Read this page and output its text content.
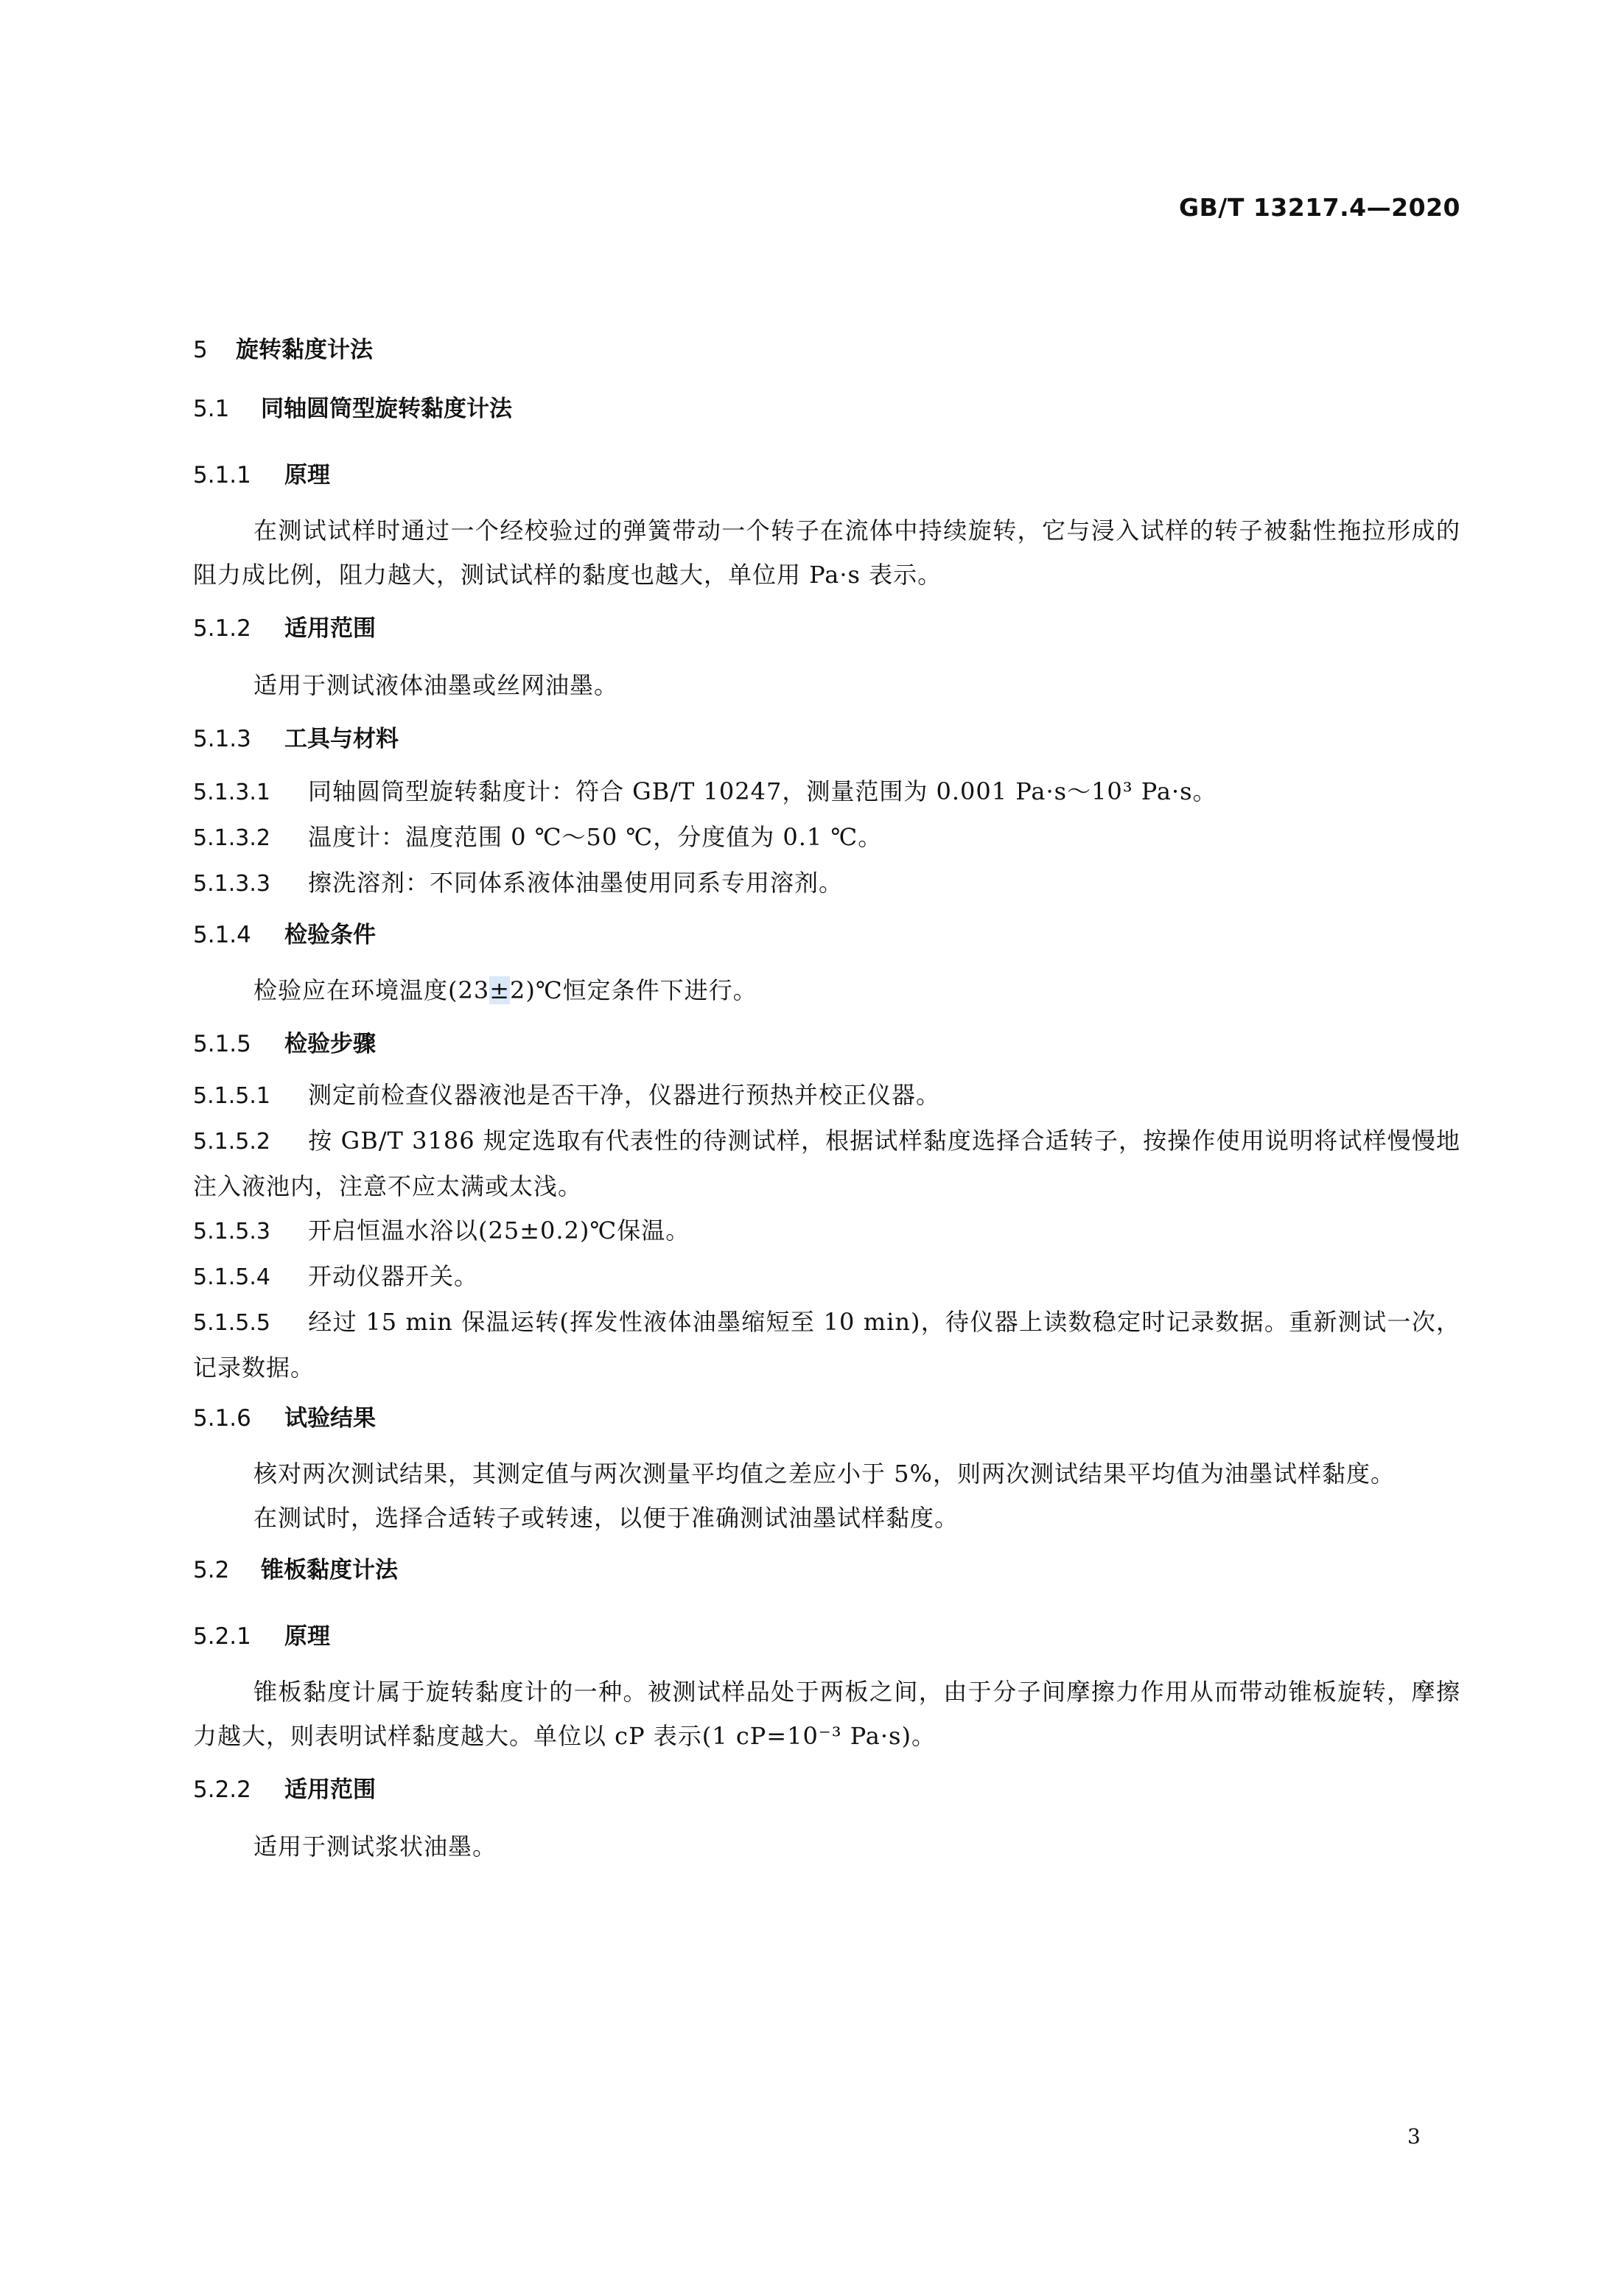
GB/T 13217.4—2020

5 旋转黏度计法
5.1 同轴圆筒型旋转黏度计法
5.1.1 原理

在测试试样时通过一个经校验过的弹簧带动一个转子在流体中持续旋转，它与浸入试样的转子被黏性拖拉形成的阻力成比例，阻力越大，测试试样的黏度也越大，单位用 Pa·s 表示。

5.1.2 适用范围

适用于测试液体油墨或丝网油墨。

5.1.3 工具与材料

5.1.3.1 同轴圆筒型旋转黏度计：符合 GB/T 10247，测量范围为 0.001 Pa·s～10³ Pa·s。

5.1.3.2 温度计：温度范围 0 ℃～50 ℃，分度值为 0.1 ℃。

5.1.3.3 擦洗溶剂：不同体系液体油墨使用同系专用溶剂。

5.1.4 检验条件

检验应在环境温度(23±2)℃恒定条件下进行。

5.1.5 检验步骤

5.1.5.1 测定前检查仪器液池是否干净，仪器进行预热并校正仪器。

5.1.5.2 按 GB/T 3186 规定选取有代表性的待测试样，根据试样黏度选择合适转子，按操作使用说明将试样慢慢地注入液池内，注意不应太满或太浅。

5.1.5.3 开启恒温水浴以(25±0.2)℃保温。

5.1.5.4 开动仪器开关。

5.1.5.5 经过 15 min 保温运转(挥发性液体油墨缩短至 10 min)，待仪器上读数稳定时记录数据。重新测试一次，记录数据。

5.1.6 试验结果

核对两次测试结果，其测定值与两次测量平均值之差应小于 5%，则两次测试结果平均值为油墨试样黏度。

在测试时，选择合适转子或转速，以便于准确测试油墨试样黏度。

5.2 锥板黏度计法
5.2.1 原理

锥板黏度计属于旋转黏度计的一种。被测试样品处于两板之间，由于分子间摩擦力作用从而带动锥板旋转，摩擦力越大，则表明试样黏度越大。单位以 cP 表示(1 cP=10⁻³ Pa·s)。

5.2.2 适用范围

适用于测试浆状油墨。

3
